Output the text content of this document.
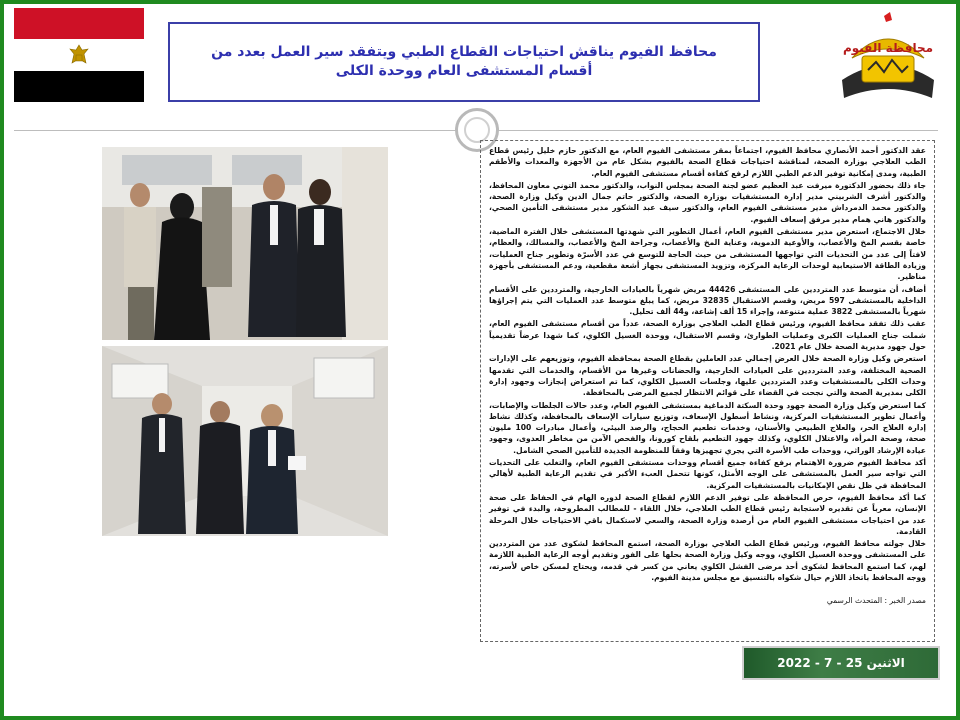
محافظ الفيوم يناقش احتياجات القطاع الطبي ويتفقد سير العمل بعدد من أقسام المستشفى العام ووحدة الكلى
محافظة الفيوم

عقد الدكتور أحمد الأنصاري محافظ الفيوم، اجتماعاً بمقر مستشفى الفيوم العام، مع الدكتور حازم خليل رئيس قطاع الطب العلاجي بوزارة الصحة، لمناقشة احتياجات قطاع الصحة بالفيوم بشكل عام من الأجهزة والمعدات والأطقم الطبية، ومدى إمكانية توفير الدعم الطبي اللازم لرفع كفاءة أقسام مستشفى الفيوم العام.

جاء ذلك بحضور الدكتورة ميرفت عبد العظيم عضو لجنة الصحة بمجلس النواب، والدكتور محمد التوني معاون المحافظ، والدكتور أشرف الشربيني مدير إدارة المستشفيات بوزارة الصحة، والدكتور حاتم جمال الدين وكيل وزارة الصحة، والدكتور محمد الدمرداش مدير مستشفى الفيوم العام، والدكتور سيف عبد الشكور مدير مستشفى التأمين الصحي، والدكتور هاني همام مدير مرفق إسعاف الفيوم.

خلال الاجتماع، استعرض مدير مستشفى الفيوم العام، أعمال التطوير التي شهدتها المستشفى خلال الفترة الماضية، خاصة بقسم المخ والأعصاب، والأوعية الدموية، وعناية المخ والأعصاب، وجراحة المخ والأعصاب، والمسالك، والعظام، لافتاً إلى عدد من التحديات التي تواجهها المستشفى من حيث الحاجة للتوسع في عدد الأسرّة وتطوير جناح العمليات، وزيادة الطاقة الاستيعابية لوحدات الرعاية المركزة، وتزويد المستشفى بجهاز أشعة مقطعية، ودعم المستشفى بأجهزة مناظير.

أضاف، أن متوسط عدد المترددين على المستشفى 44426 مريض شهرياً بالعيادات الخارجية، والمترددين على الأقسام الداخلية بالمستشفى 597 مريض، وقسم الاستقبال 32835 مريض، كما يبلغ متوسط عدد العمليات التي يتم إجراؤها شهرياً بالمستشفى 3822 عملية متنوعة، وإجراء 15 ألف إشاعة، و44 ألف تحليل.

عقب ذلك تفقد محافظ الفيوم، ورئيس قطاع الطب العلاجي بوزارة الصحة، عدداً من أقسام مستشفى الفيوم العام، شملت جناح العمليات الكبرى وعمليات الطوارئ، وقسم الاستقبال، ووحدة الغسيل الكلوي، كما شهدا عرضاً تقديمياً حول جهود مديرية الصحة خلال عام 2021.

استعرض وكيل وزارة الصحة خلال العرض إجمالي عدد العاملين بقطاع الصحة بمحافظة الفيوم، وتوزيعهم على الإدارات الصحية المختلفة، وعدد المترددين على العيادات الخارجية، والحضانات وغيرها من الأقسام، والخدمات التي تقدمها وحدات الكلى بالمستشفيات وعدد المترددين عليها، وجلسات الغسيل الكلوي، كما تم استعراض إنجازات وجهود إدارة الكلى بمديرية الصحة والتي نجحت في القضاء على قوائم الانتظار لجميع المرضى بالمحافظة.

كما استعرض وكيل وزارة الصحة جهود وحدة السكتة الدماغية بمستشفى الفيوم العام، وعدد حالات الجلطات والإصابات، وأعمال تطوير المستشفيات المركزية، ونشاط أسطول الإسعاف، وتوزيع سيارات الإسعاف بالمحافظة، وكذلك نشاط إدارة العلاج الحر، والعلاج الطبيعي والأسنان، وخدمات تطعيم الحجاج، والرصد البيئي، وأعمال مبادرات 100 مليون صحة، وصحة المرأة، والاعتلال الكلوي، وكذلك جهود التطعيم بلقاح كورونا، والفحص الآمن من مخاطر العدوى، وجهود عيادة الإرشاد الوراثي، ووحدات طب الأسرة التي يجري تجهيزها وفقاً للمنظومة الجديدة للتأمين الصحي الشامل.

أكد محافظ الفيوم ضرورة الاهتمام برفع كفاءة جميع أقسام ووحدات مستشفى الفيوم العام، والتغلب على التحديات التي تواجه سير العمل بالمستشفى على الوجه الأمثل، كونها تتحمل العبء الأكبر في تقديم الرعاية الطبية لأهالي المحافظة في ظل نقص الإمكانيات بالمستشفيات المركزية.

كما أكد محافظ الفيوم، حرص المحافظة على توفير الدعم اللازم لقطاع الصحة لدوره الهام في الحفاظ على صحة الإنسان، معرباً عن تقديره لاستجابة رئيس قطاع الطب العلاجي، خلال اللقاء - للمطالب المطروحة، والبدء في توفير عدد من احتياجات مستشفى الفيوم العام من أرصدة وزارة الصحة، والسعي لاستكمال باقي الاحتياجات خلال المرحلة القادمة.

خلال جولته محافظ الفيوم، ورئيس قطاع الطب العلاجي بوزارة الصحة، استمع المحافظ لشكوى عدد من المترددين على المستشفى ووحدة الغسيل الكلوي، ووجه وكيل وزارة الصحة بحلها على الفور وتقديم أوجه الرعاية الطبية اللازمة لهم، كما استمع المحافظ لشكوى أحد مرضى الفشل الكلوي يعاني من كسر في قدمه، ويحتاج لمسكن خاص لأسرته، ووجه المحافظ باتخاذ اللازم حيال شكواه بالتنسيق مع مجلس مدينة الفيوم.

مصدر الخبر : المتحدث الرسمي

الاثنين 25 - 7 - 2022
